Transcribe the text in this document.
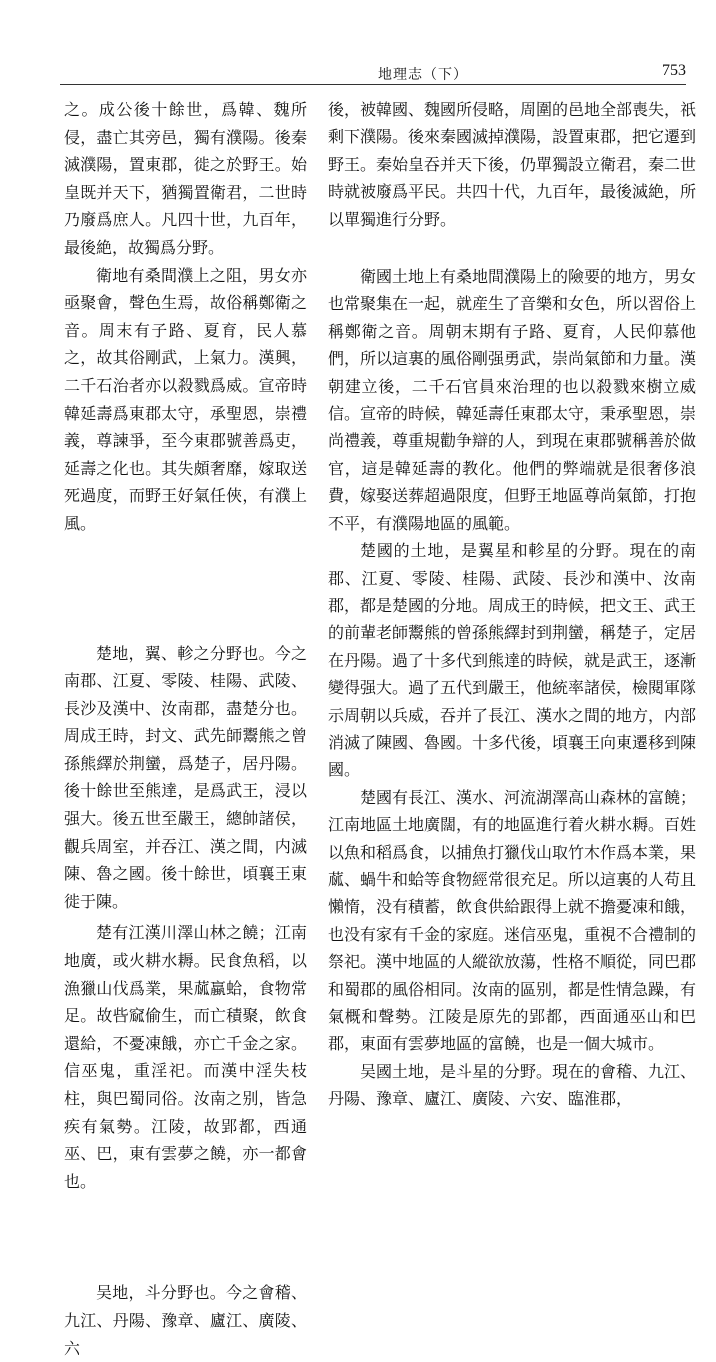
地理志（下）	753

之。成公後十餘世，爲韓、魏所侵，盡亡其旁邑，獨有濮陽。後秦滅濮陽，置東郡，徙之於野王。始皇既并天下，猶獨置衛君，二世時乃廢爲庶人。凡四十世，九百年，最後絶，故獨爲分野。

衛地有桑間濮上之阻，男女亦亟聚會，聲色生焉，故俗稱鄭衛之音。周末有子路、夏育，民人慕之，故其俗剛武，上氣力。漢興，二千石治者亦以殺戮爲威。宣帝時韓延壽爲東郡太守，承聖恩，崇禮義，尊諫爭，至今東郡號善爲吏，延壽之化也。其失頗奢靡，嫁取送死過度，而野王好氣任俠，有濮上風。

楚地，翼、軫之分野也。今之南郡、江夏、零陵、桂陽、武陵、長沙及漢中、汝南郡，盡楚分也。周成王時，封文、武先師鬻熊之曾孫熊繹於荆蠻，爲楚子，居丹陽。後十餘世至熊達，是爲武王，浸以强大。後五世至嚴王，總帥諸侯，觀兵周室，并吞江、漢之間，内滅陳、魯之國。後十餘世，頃襄王東徙于陳。

楚有江漢川澤山林之饒；江南地廣，或火耕水耨。民食魚稻，以漁獵山伐爲業，果蓏蠃蛤，食物常足。故呰窳偷生，而亡積聚，飲食還給，不憂凍餓，亦亡千金之家。信巫鬼，重淫祀。而漢中淫失枝柱，與巴蜀同俗。汝南之别，皆急疾有氣勢。江陵，故郢都，西通巫、巴，東有雲夢之饒，亦一都會也。

吴地，斗分野也。今之會稽、九江、丹陽、豫章、廬江、廣陵、六

後，被韓國、魏國所侵略，周圍的邑地全部喪失，祇剩下濮陽。後來秦國滅掉濮陽，設置東郡，把它遷到野王。秦始皇吞并天下後，仍單獨設立衛君，秦二世時就被廢爲平民。共四十代，九百年，最後滅絶，所以單獨進行分野。

衛國土地上有桑地間濮陽上的險要的地方，男女也常聚集在一起，就産生了音樂和女色，所以習俗上稱鄭衛之音。周朝末期有子路、夏育，人民仰慕他們，所以這裏的風俗剛强勇武，崇尚氣節和力量。漢朝建立後，二千石官員來治理的也以殺戮來樹立威信。宣帝的時候，韓延壽任東郡太守，秉承聖恩，崇尚禮義，尊重規勸争辯的人，到現在東郡號稱善於做官，這是韓延壽的教化。他們的弊端就是很奢侈浪費，嫁娶送葬超過限度，但野王地區尊尚氣節，打抱不平，有濮陽地區的風範。

楚國的土地，是翼星和軫星的分野。現在的南郡、江夏、零陵、桂陽、武陵、長沙和漢中、汝南郡，都是楚國的分地。周成王的時候，把文王、武王的前輩老師鬻熊的曾孫熊繹封到荆蠻，稱楚子，定居在丹陽。過了十多代到熊達的時候，就是武王，逐漸變得强大。過了五代到嚴王，他統率諸侯，檢閱軍隊示周朝以兵威，吞并了長江、漢水之間的地方，内部消滅了陳國、魯國。十多代後，頃襄王向東遷移到陳國。

楚國有長江、漢水、河流湖澤高山森林的富饒；江南地區土地廣闊，有的地區進行着火耕水耨。百姓以魚和稻爲食，以捕魚打獵伐山取竹木作爲本業，果蓏、蝸牛和蛤等食物經常很充足。所以這裏的人苟且懶惰，没有積蓄，飲食供給跟得上就不擔憂凍和餓，也没有家有千金的家庭。迷信巫鬼，重視不合禮制的祭祀。漢中地區的人縱欲放蕩，性格不順從，同巴郡和蜀郡的風俗相同。汝南的區别，都是性情急躁，有氣概和聲勢。江陵是原先的郢都，西面通巫山和巴郡，東面有雲夢地區的富饒，也是一個大城市。

吴國土地，是斗星的分野。現在的會稽、九江、丹陽、豫章、廬江、廣陵、六安、臨淮郡，
